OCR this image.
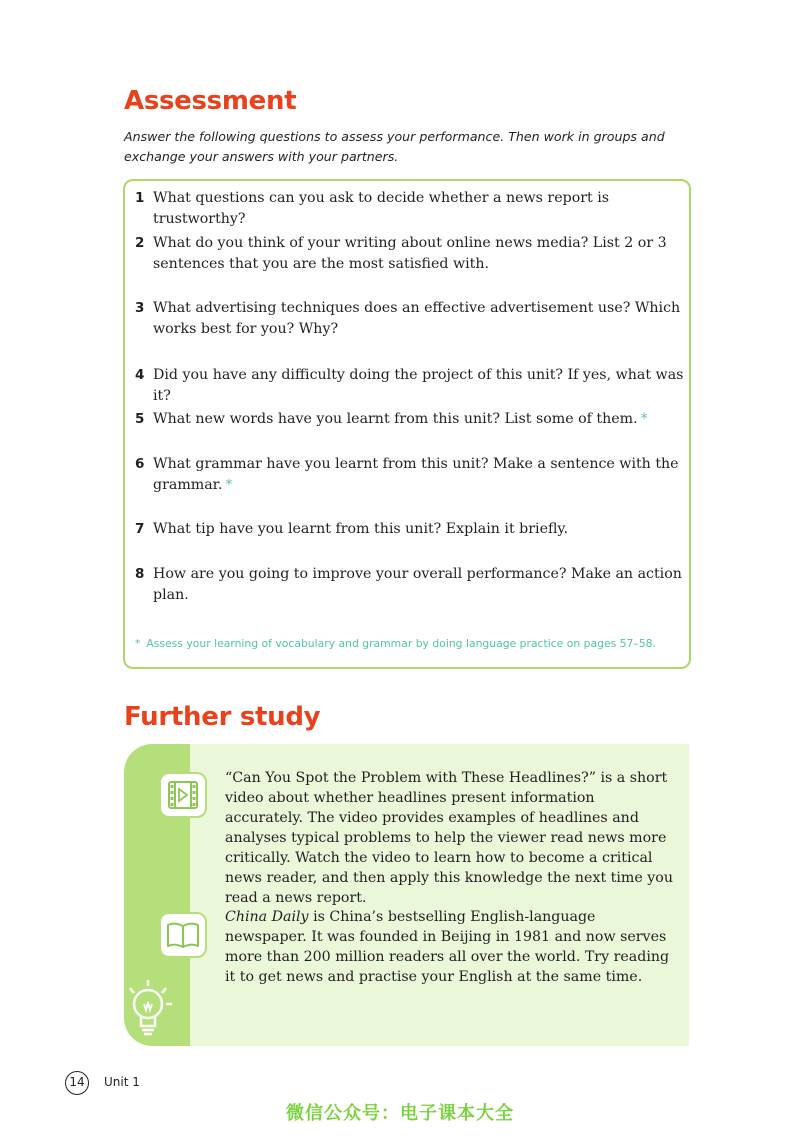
Assessment

Answer the following questions to assess your performance. Then work in groups and exchange your answers with your partners.

1 What questions can you ask to decide whether a news report is trustworthy?
2 What do you think of your writing about online news media? List 2 or 3 sentences that you are the most satisfied with.
3 What advertising techniques does an effective advertisement use? Which works best for you? Why?
4 Did you have any difficulty doing the project of this unit? If yes, what was it?
5 What new words have you learnt from this unit? List some of them. *
6 What grammar have you learnt from this unit? Make a sentence with the grammar. *
7 What tip have you learnt from this unit? Explain it briefly.
8 How are you going to improve your overall performance? Make an action plan.
* Assess your learning of vocabulary and grammar by doing language practice on pages 57–58.
Further study

“Can You Spot the Problem with These Headlines?” is a short video about whether headlines present information accurately. The video provides examples of headlines and analyses typical problems to help the viewer read news more critically. Watch the video to learn how to become a critical news reader, and then apply this knowledge the next time you read a news report.

China Daily is China’s bestselling English-language newspaper. It was founded in Beijing in 1981 and now serves more than 200 million readers all over the world. Try reading it to get news and practise your English at the same time.

14	Unit 1
微信公众号：电子课本大全
